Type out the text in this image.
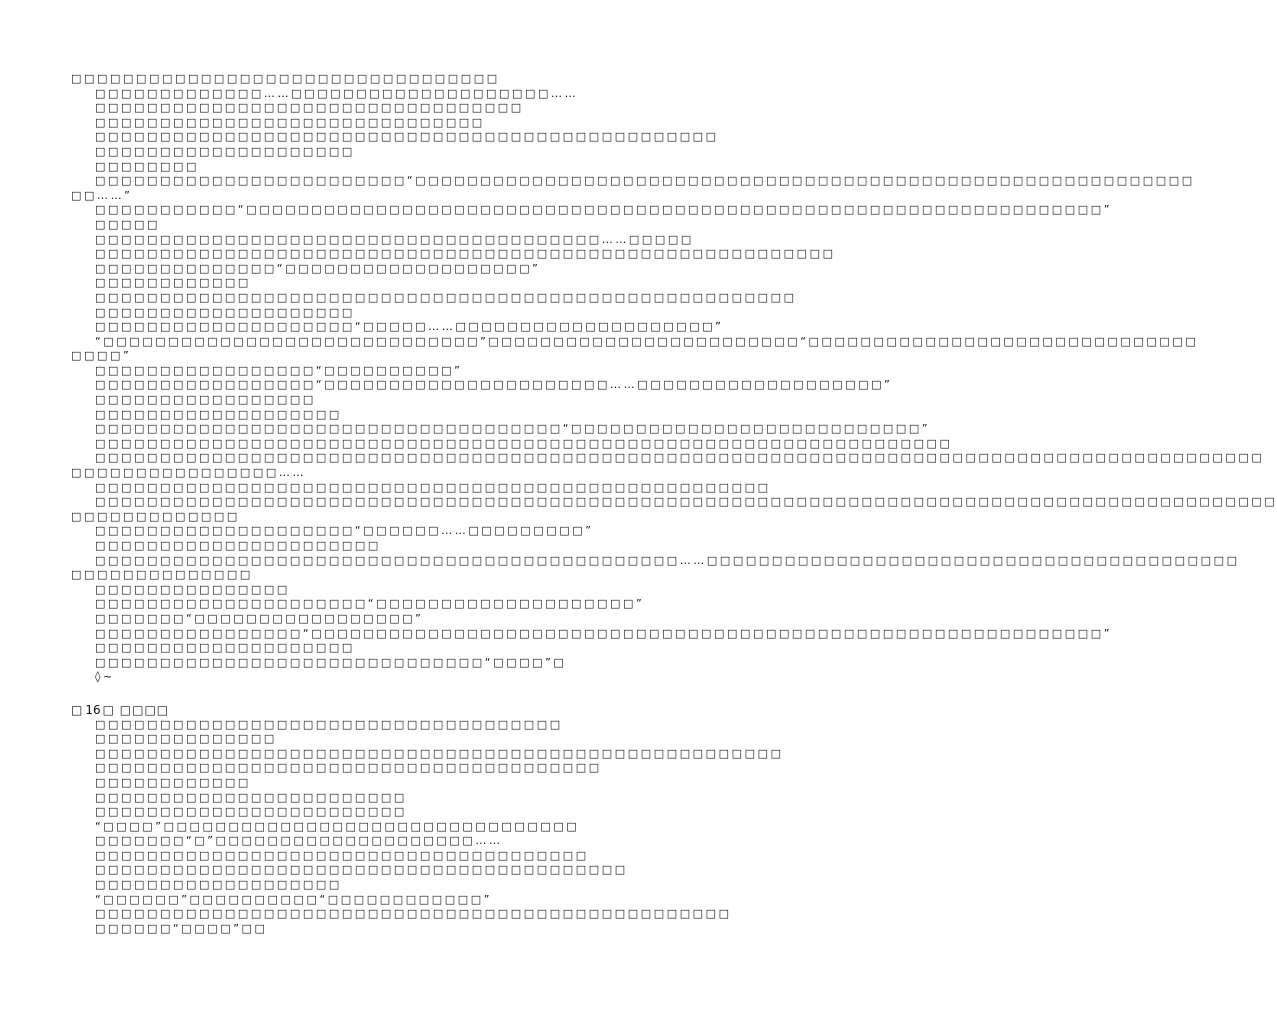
□□□□□□□□□□□□□□□□□□□□□□□□□□□□□□□□□
□□□□□□□□□□□□□……□□□□□□□□□□□□□□□□□□□□……
□□□□□□□□□□□□□□□□□□□□□□□□□□□□□□□□□
□□□□□□□□□□□□□□□□□□□□□□□□□□□□□□
□□□□□□□□□□□□□□□□□□□□□□□□□□□□□□□□□□□□□□□□□□□□□□□□
□□□□□□□□□□□□□□□□□□□□
□□□□□□□□
□□□□□□□□□□□□□□□□□□□□□□□□“□□□□□□□□□□□□□□□□□□□□□□□□□□□□□□□□□□□□□□□□□□□□□□□□□□□□□□□□□□□□
□□……”
□□□□□□□□□□□“□□□□□□□□□□□□□□□□□□□□□□□□□□□□□□□□□□□□□□□□□□□□□□□□□□□□□□□□□□□□□□□□□□”
□□□□□
□□□□□□□□□□□□□□□□□□□□□□□□□□□□□□□□□□□□□□□……□□□□□
□□□□□□□□□□□□□□□□□□□□□□□□□□□□□□□□□□□□□□□□□□□□□□□□□□□□□□□□□
□□□□□□□□□□□□□□“□□□□□□□□□□□□□□□□□□□”
□□□□□□□□□□□□
□□□□□□□□□□□□□□□□□□□□□□□□□□□□□□□□□□□□□□□□□□□□□□□□□□□□□□
□□□□□□□□□□□□□□□□□□□□
□□□□□□□□□□□□□□□□□□□□“□□□□□……□□□□□□□□□□□□□□□□□□□□”
“□□□□□□□□□□□□□□□□□□□□□□□□□□□□□”□□□□□□□□□□□□□□□□□□□□□□□□“□□□□□□□□□□□□□□□□□□□□□□□□□□□□□□
□□□□”
□□□□□□□□□□□□□□□□□“□□□□□□□□□□”
□□□□□□□□□□□□□□□□□“□□□□□□□□□□□□□□□□□□□□□□……□□□□□□□□□□□□□□□□□□□”
□□□□□□□□□□□□□□□□□
□□□□□□□□□□□□□□□□□□□
□□□□□□□□□□□□□□□□□□□□□□□□□□□□□□□□□□□□“□□□□□□□□□□□□□□□□□□□□□□□□□□□”
□□□□□□□□□□□□□□□□□□□□□□□□□□□□□□□□□□□□□□□□□□□□□□□□□□□□□□□□□□□□□□□□□□
□□□□□□□□□□□□□□□□□□□□□□□□□□□□□□□□□□□□□□□□□□□□□□□□□□□□□□□□□□□□□□□□□□□□□□□□□□□□□□□□□□□□□□□□□□
□□□□□□□□□□□□□□□□……
□□□□□□□□□□□□□□□□□□□□□□□□□□□□□□□□□□□□□□□□□□□□□□□□□□□□
□□□□□□□□□□□□□□□□□□□□□□□□□□□□□□□□□□□□□□□□□□□□□□□□□□□□□□□□□□□□□□□□□□□□□□□□□□□□□□□□□□□□□□□□□□□
□□□□□□□□□□□□□
□□□□□□□□□□□□□□□□□□□□“□□□□□□……□□□□□□□□□”
□□□□□□□□□□□□□□□□□□□□□□
□□□□□□□□□□□□□□□□□□□□□□□□□□□□□□□□□□□□□□□□□□□□□……□□□□□□□□□□□□□□□□□□□□□□□□□□□□□□□□□□□□□□□□□
□□□□□□□□□□□□□□
□□□□□□□□□□□□□□□
□□□□□□□□□□□□□□□□□□□□□“□□□□□□□□□□□□□□□□□□□□”
□□□□□□□“□□□□□□□□□□□□□□□□□”
□□□□□□□□□□□□□□□□“□□□□□□□□□□□□□□□□□□□□□□□□□□□□□□□□□□□□□□□□□□□□□□□□□□□□□□□□□□□□□”
□□□□□□□□□□□□□□□□□□□□
□□□□□□□□□□□□□□□□□□□□□□□□□□□□□□“□□□□”□
◊~
□ 16 □ □□□□
□□□□□□□□□□□□□□□□□□□□□□□□□□□□□□□□□□□□
□□□□□□□□□□□□□□
□□□□□□□□□□□□□□□□□□□□□□□□□□□□□□□□□□□□□□□□□□□□□□□□□□□□□
□□□□□□□□□□□□□□□□□□□□□□□□□□□□□□□□□□□□□□□
□□□□□□□□□□□□
□□□□□□□□□□□□□□□□□□□□□□□□
□□□□□□□□□□□□□□□□□□□□□□□□
“□□□□”□□□□□□□□□□□□□□□□□□□□□□□□□□□□□□□□
□□□□□□□“□”□□□□□□□□□□□□□□□□□□□□……
□□□□□□□□□□□□□□□□□□□□□□□□□□□□□□□□□□□□□□
□□□□□□□□□□□□□□□□□□□□□□□□□□□□□□□□□□□□□□□□□
□□□□□□□□□□□□□□□□□□□
“□□□□□□”□□□□□□□□□□“□□□□□□□□□□□□”
□□□□□□□□□□□□□□□□□□□□□□□□□□□□□□□□□□□□□□□□□□□□□□□□□
□□□□□□“□□□□”□□
